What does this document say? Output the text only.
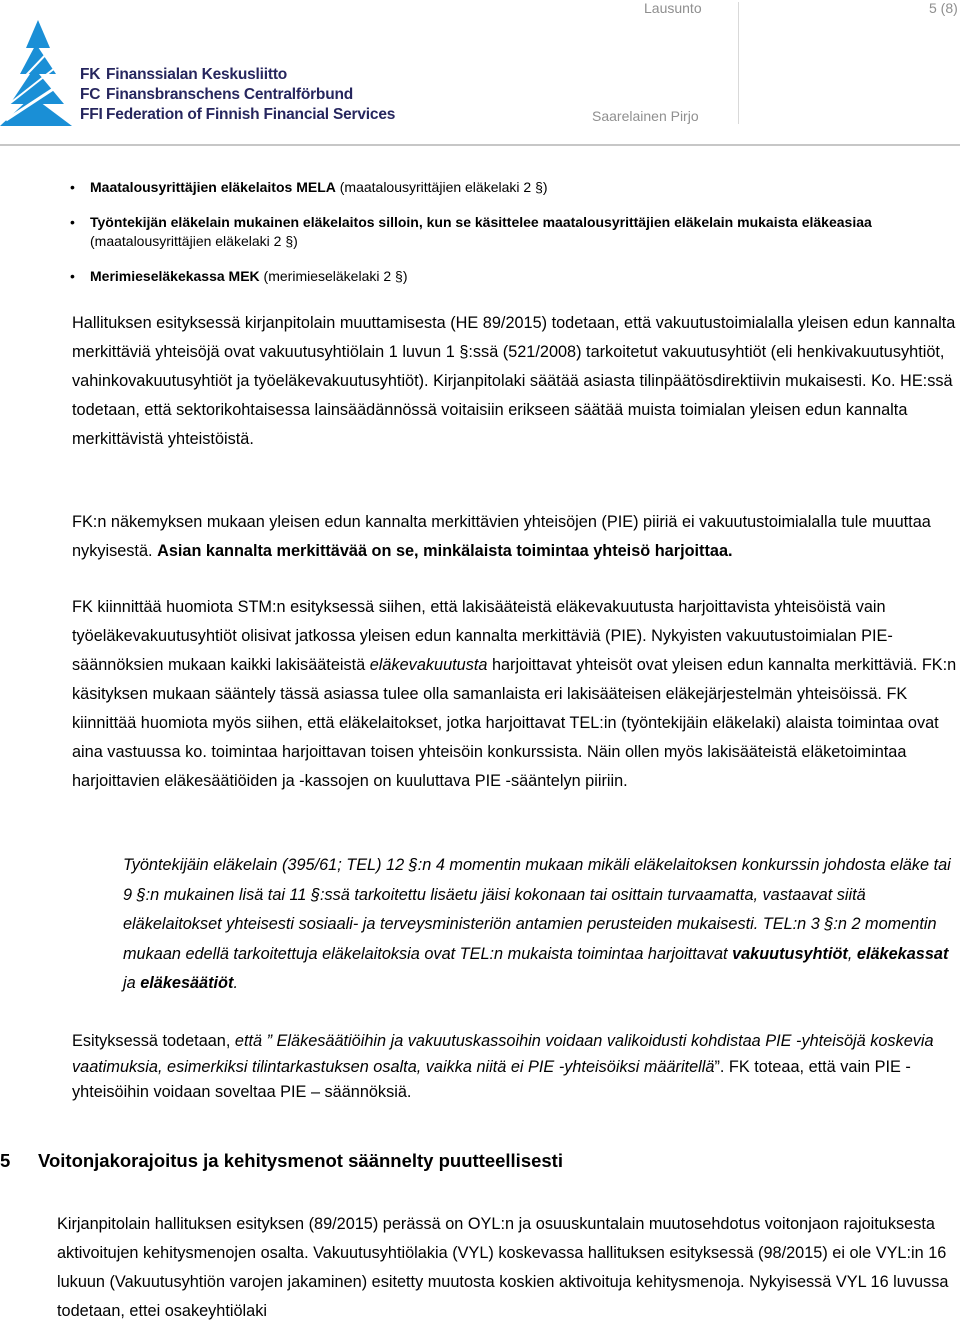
Lausunto	5 (8)
Saarelainen Pirjo
FK Finanssialan Keskusliitto
FC Finansbranschens Centralförbund
FFI Federation of Finnish Financial Services
• Maatalousyrittäjien eläkelaitos MELA (maatalousyrittäjien eläkelaki 2 §)
• Työntekijän eläkelain mukainen eläkelaitos silloin, kun se käsittelee maatalousyrittäjien eläkelain mukaista eläkeasiaa (maatalousyrittäjien eläkelaki 2 §)
• Merimieseläkekassa MEK (merimieseläkelaki 2 §)
Hallituksen esityksessä kirjanpitolain muuttamisesta (HE 89/2015) todetaan, että vakuutustoimialalla yleisen edun kannalta merkittäviä yhteisöjä ovat vakuutusyhtiölain 1 luvun 1 §:ssä (521/2008) tarkoitetut vakuutusyhtiöt (eli henkivakuutusyhtiöt, vahinkovakuutusyhtiöt ja työeläkevakuutusyhtiöt). Kirjanpitolaki säätää asiasta tilinpäätösdirektiivin mukaisesti. Ko. HE:ssä todetaan, että sektorikohtaisessa lainsäädännössä voitaisiin erikseen säätää muista toimialan yleisen edun kannalta merkittävistä yhteistöistä.
FK:n näkemyksen mukaan yleisen edun kannalta merkittävien yhteisöjen (PIE) piiriä ei vakuutustoimialalla tule muuttaa nykyisestä. Asian kannalta merkittävää on se, minkälaista toimintaa yhteisö harjoittaa.
FK kiinnittää huomiota STM:n esityksessä siihen, että lakisääteistä eläkevakuutusta harjoittavista yhteisöistä vain työeläkevakuutusyhtiöt olisivat jatkossa yleisen edun kannalta merkittäviä (PIE). Nykyisten vakuutustoimialan PIE- säännöksien mukaan kaikki lakisääteistä eläkevakuutusta harjoittavat yhteisöt ovat yleisen edun kannalta merkittäviä. FK:n käsityksen mukaan sääntely tässä asiassa tulee olla samanlaista eri lakisääteisen eläkejärjestelmän yhteisöissä. FK kiinnittää huomiota myös siihen, että eläkelaitokset, jotka harjoittavat TEL:in (työntekijäin eläkelaki) alaista toimintaa ovat aina vastuussa ko. toimintaa harjoittavan toisen yhteisöin konkurssista. Näin ollen myös lakisääteistä eläketoimintaa harjoittavien eläkesäätiöiden ja -kassojen on kuuluttava PIE -sääntelyn piiriin.
Työntekijäin eläkelain (395/61; TEL) 12 §:n 4 momentin mukaan mikäli eläkelaitoksen konkurssin johdosta eläke tai 9 §:n mukainen lisä tai 11 §:ssä tarkoitettu lisäetu jäisi kokonaan tai osittain turvaamatta, vastaavat siitä eläkelaitokset yhteisesti sosiaali- ja terveysministeriön antamien perusteiden mukaisesti. TEL:n 3 §:n 2 momentin mukaan edellä tarkoitettuja eläkelaitoksia ovat TEL:n mukaista toimintaa harjoittavat vakuutusyhtiöt, eläkekassat ja eläkesäätiöt.
Esityksessä todetaan, että ” Eläkesäätiöihin ja vakuutuskassoihin voidaan valikoidusti kohdistaa PIE -yhteisöjä koskevia vaatimuksia, esimerkiksi tilintarkastuksen osalta, vaikka niitä ei PIE -yhteisöiksi määritellä”. FK toteaa, että vain PIE -yhteisöihin voidaan soveltaa PIE – säännöksiä.
5 Voitonjakorajoitus ja kehitysmenot säännelty puutteellisesti
Kirjanpitolain hallituksen esityksen (89/2015) perässä on OYL:n ja osuuskuntalain muutosehdotus voitonjaon rajoituksesta aktivoitujen kehitysmenojen osalta. Vakuutusyhtiölakia (VYL) koskevassa hallituksen esityksessä (98/2015) ei ole VYL:in 16 lukuun (Vakuutusyhtiön varojen jakaminen) esitetty muutosta koskien aktivoituja kehitysmenoja. Nykyisessä VYL 16 luvussa todetaan, ettei osakeyhtiölaki
